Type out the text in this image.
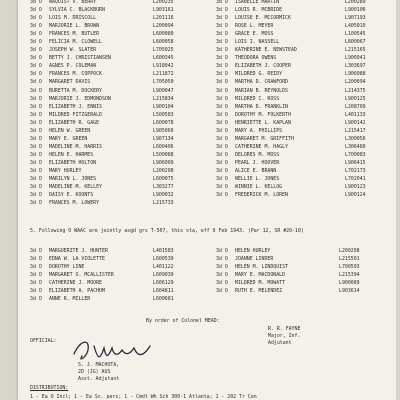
3d O	NAQUIST V. BERRY	L200235
3d O	SYLVIA C. BLACKBURN	L903161
3d O	LOIS M. DRISCOLL	L201116
3d O	MARJORIE L. BROWN	L200094
3d O	FRANCES M. BUTLER	L600080
3d O	FELICIA M. CLOWELL	L600058
3d O	JOSEPH W. SLATER	L705025
3d O	BETTY J. CHRISTIANSEN	L600345
3d O	AGNES P. COLEMAN	L918042
3d O	FRANCES M. COPPOCK	L211872
3d O	MARGARET DAVIS	L705050
3d O	BURETTA M. DOCKERY	L900047
3d O	MARJORIE J. EDMONDSON	L215834
3d O	ELIZABETH J. ENNIS	L900104
3d O	MILDRED FITZGERALD	L500583
3d O	ELIZABETH R. GAGE	L600078
3d O	HELEN W. GREEN	L905066
3d O	MARY E. GREEN	L907134
3d O	MADELINE M. HARRIS	L600406
3d O	HELEN E. HARMES	L500088
3d O	ELIZABETH HOLTON	L906009
3d O	MARY HURLEY	L200208
3d O	MARILYN L. JONES	L600075
3d O	MADELINE M. KELLEY	L303277
3d O	DAISY E. KOONTS	L900032
3d O	FRANCES M. LOWERY	L215733
3d O	ISABELLE MARTIN	L200289
3d O	LOUIS R. MCBRIDE	L900106
3d O	LOUISE E. MCCORMICK	L907193
3d O	ROSE L. MEYER	L405010
3d O	GRACE E. MOSS	L100545
3d O	LOIS I. NASSELL	L800067
3d O	KATHERINE E. NEWSTEAD	L215165
3d O	THEODORA OWENS	L906041
3d O	ELIZABETH J. COOPER	L303697
3d O	MILDRED G. REIDY	L906088
3d O	MARTHA D. CRAWFORD	L200094
3d O	MARIAN B. REYNOLDS	L214375
3d O	MILDRED C. ROSS	L900125
3d O	MARTHA D. FRANKLIN	L208709
3d O	DOROTHY M. FOLKERTH	L401133
3d O	HENRIETTE L. KAPLAN	L900142
3d O	MARY A. PHILLIPS	L215417
3d O	MARGARET M. GRIFFITH	L300056
3d O	CATHERINE M. HAGLY	L306480
3d O	DELORES M. MOSS	L700083
3d O	PEARL J. HOOVER	L906415
3d O	ALICE E. BRANN	L702173
3d O	NELLIE L. JONES	L702041
3d O	WINNIE L. KELLOG	L900123
3d O	FREDERICK M. LOREN	L900124
5. Following O WAAC are jointly asgd grs T-507, this sta, eff 9 Feb 1943. (Par 12, SR #20-10)
3d O	MARGUERITE J. HUNTER	L401583
3d O	EDNA W. LA VIOLETTE	L600539
3d O	DOROTHY LINE	L401122
3d O	MARGARET O. MCALLISTER	L609039
3d O	CATHERINE J. MOORE	L606129
3d O	ELIZABETH A. PACHOM	L604811
3d O	ANNE R. MILLER	L600681
3d O	HELEN HURLEY	L200208
3d O	JOANNE LINDER	L215501
3d O	HELEN M. LINDQUIST	L700593
3d O	MARY E. MACDONALD	L215394
3d O	MILDRED M. MOWATT	L900089
3d O	RUTH E. MELENDEZ	L903614
By order of Colonel MEAD:
R. R. FAYNE
Major, Inf.
Adjutant
OFFICIAL:
S. J. MACHUTA,
2D (JG) AUS
Asst. Adjutant
DISTRIBUTION:
1 - Ea O Incl; 1 - Ea Sc. pers; 1 - Cmdt Wh Sch 300-1 Atlanta; 1 - 202 Tr Cen
